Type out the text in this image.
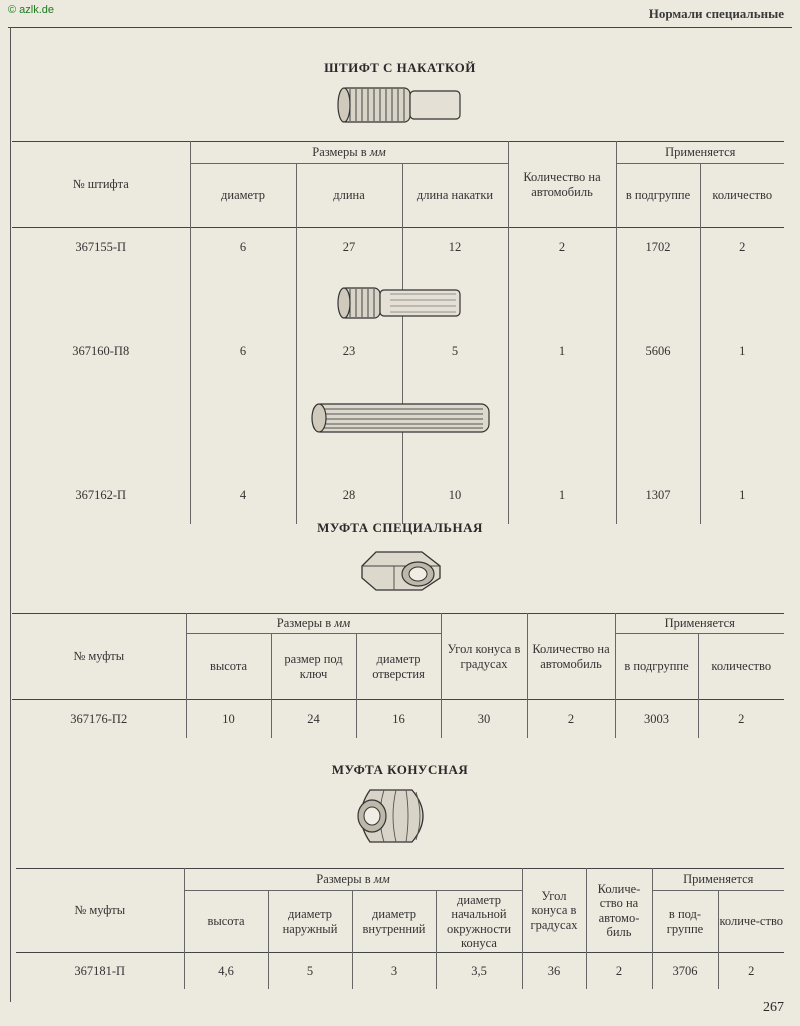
© azlk.de	Нормали специальные
ШТИФТ С НАКАТКОЙ
№ штифта	Размеры в мм			Количество на автомобиль	Применяется	
	диаметр	длина	длина накатки		в подгруппе	количество
367155-П	6	27	12	2	1702	2
367160-П8	6	23	5	1	5606	1
367162-П	4	28	10	1	1307	1
МУФТА СПЕЦИАЛЬНАЯ
№ муфты	Размеры в мм			Угол конуса в градусах	Количество на автомобиль	Применяется	
	высота	размер под ключ	диаметр отверстия			в подгруппе	количество
367176-П2	10	24	16	30	2	3003	2
МУФТА КОНУСНАЯ
№ муфты	Размеры в мм				Угол конуса в градусах	Количе-ство на автомо-биль	Применяется	
	высота	диаметр наружный	диаметр внутренний	диаметр начальной окружности конуса			в под-группе	количе-ство
367181-П	4,6	5	3	3,5	36	2	3706	2
267
